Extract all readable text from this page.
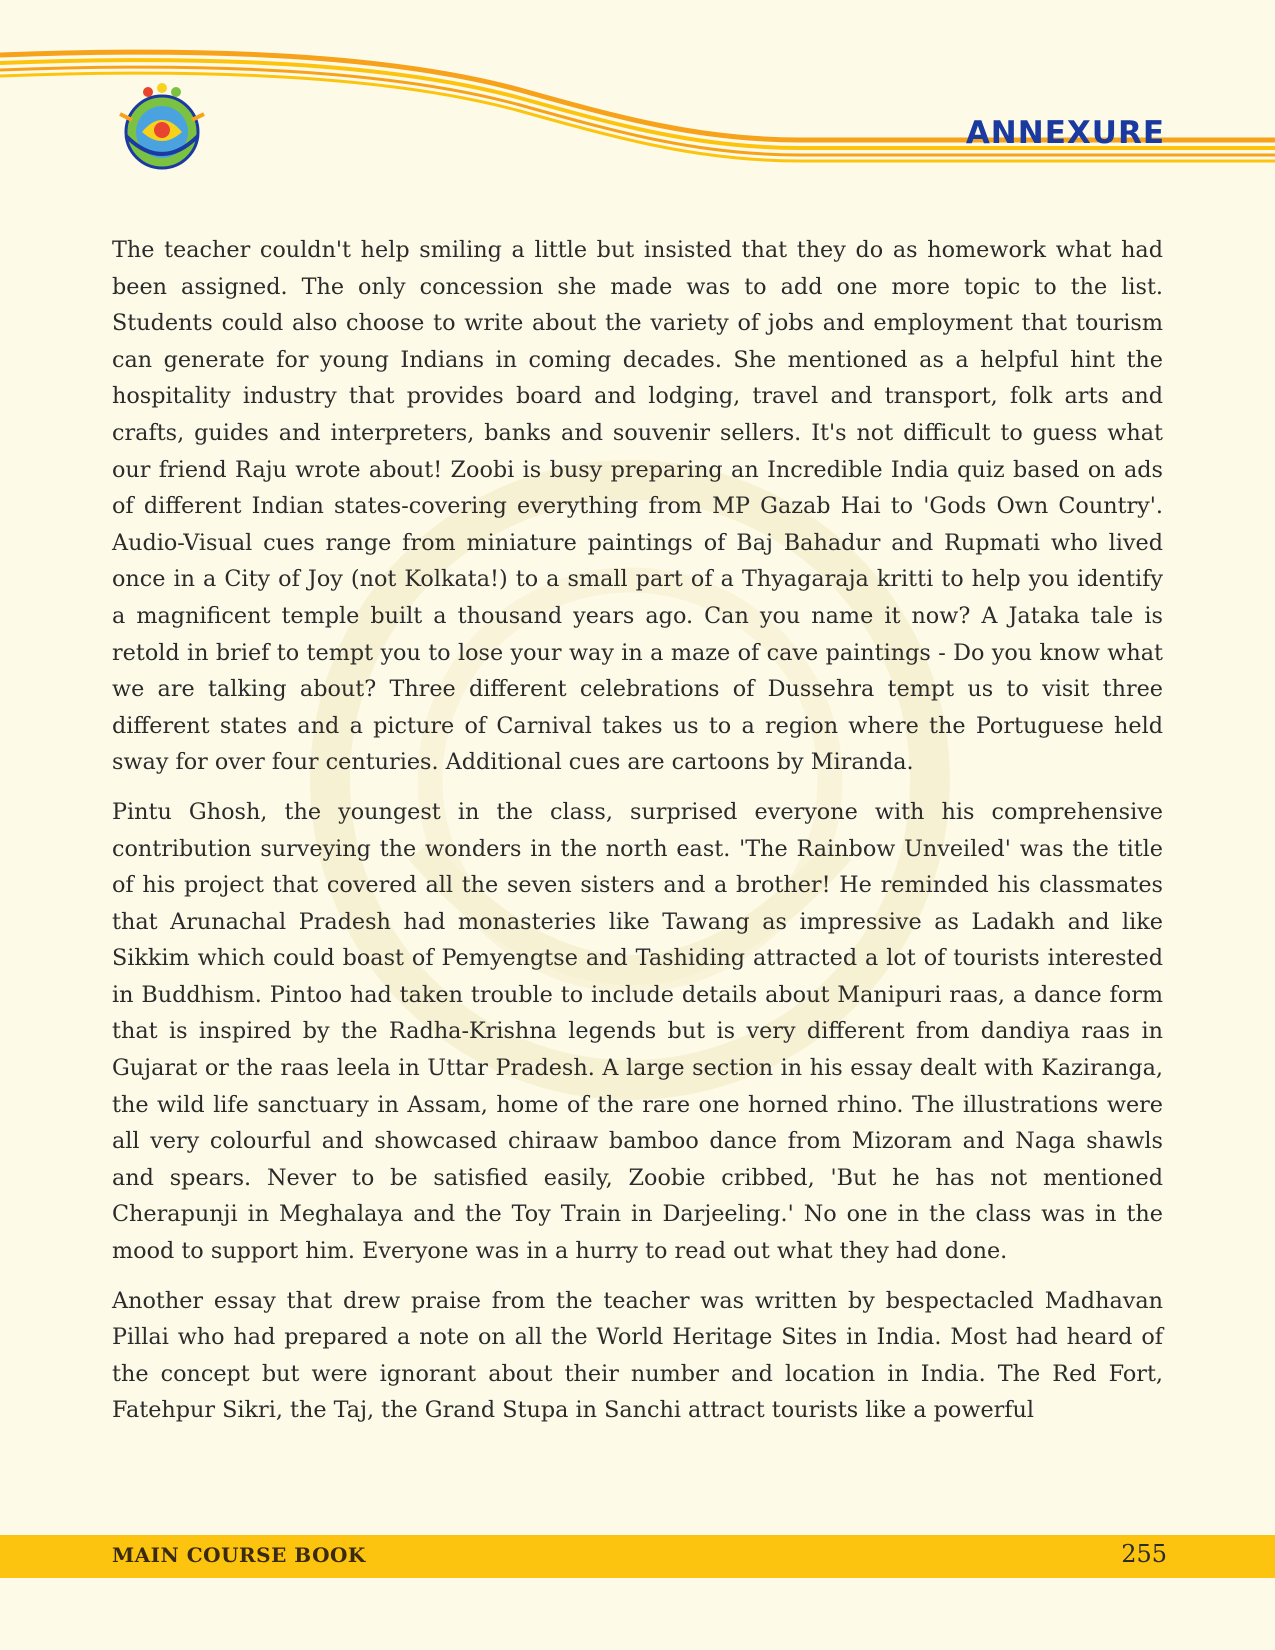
ANNEXURE

The teacher couldn't help smiling a little but insisted that they do as homework what had been assigned. The only concession she made was to add one more topic to the list. Students could also choose to write about the variety of jobs and employment that tourism can generate for young Indians in coming decades. She mentioned as a helpful hint the hospitality industry that provides board and lodging, travel and transport, folk arts and crafts, guides and interpreters, banks and souvenir sellers. It's not difficult to guess what our friend Raju wrote about! Zoobi is busy preparing an Incredible India quiz based on ads of different Indian states-covering everything from MP Gazab Hai to 'Gods Own Country'. Audio-Visual cues range from miniature paintings of Baj Bahadur and Rupmati who lived once in a City of Joy (not Kolkata!) to a small part of a Thyagaraja kritti to help you identify a magnificent temple built a thousand years ago. Can you name it now? A Jataka tale is retold in brief to tempt you to lose your way in a maze of cave paintings - Do you know what we are talking about? Three different celebrations of Dussehra tempt us to visit three different states and a picture of Carnival takes us to a region where the Portuguese held sway for over four centuries. Additional cues are cartoons by Miranda.

Pintu Ghosh, the youngest in the class, surprised everyone with his comprehensive contribution surveying the wonders in the north east. 'The Rainbow Unveiled' was the title of his project that covered all the seven sisters and a brother! He reminded his classmates that Arunachal Pradesh had monasteries like Tawang as impressive as Ladakh and like Sikkim which could boast of Pemyengtse and Tashiding attracted a lot of tourists interested in Buddhism. Pintoo had taken trouble to include details about Manipuri raas, a dance form that is inspired by the Radha-Krishna legends but is very different from dandiya raas in Gujarat or the raas leela in Uttar Pradesh. A large section in his essay dealt with Kaziranga, the wild life sanctuary in Assam, home of the rare one horned rhino. The illustrations were all very colourful and showcased chiraaw bamboo dance from Mizoram and Naga shawls and spears. Never to be satisfied easily, Zoobie cribbed, 'But he has not mentioned Cherapunji in Meghalaya and the Toy Train in Darjeeling.' No one in the class was in the mood to support him. Everyone was in a hurry to read out what they had done.

Another essay that drew praise from the teacher was written by bespectacled Madhavan Pillai who had prepared a note on all the World Heritage Sites in India. Most had heard of the concept but were ignorant about their number and location in India. The Red Fort, Fatehpur Sikri, the Taj, the Grand Stupa in Sanchi attract tourists like a powerful

MAIN COURSE BOOK	255
